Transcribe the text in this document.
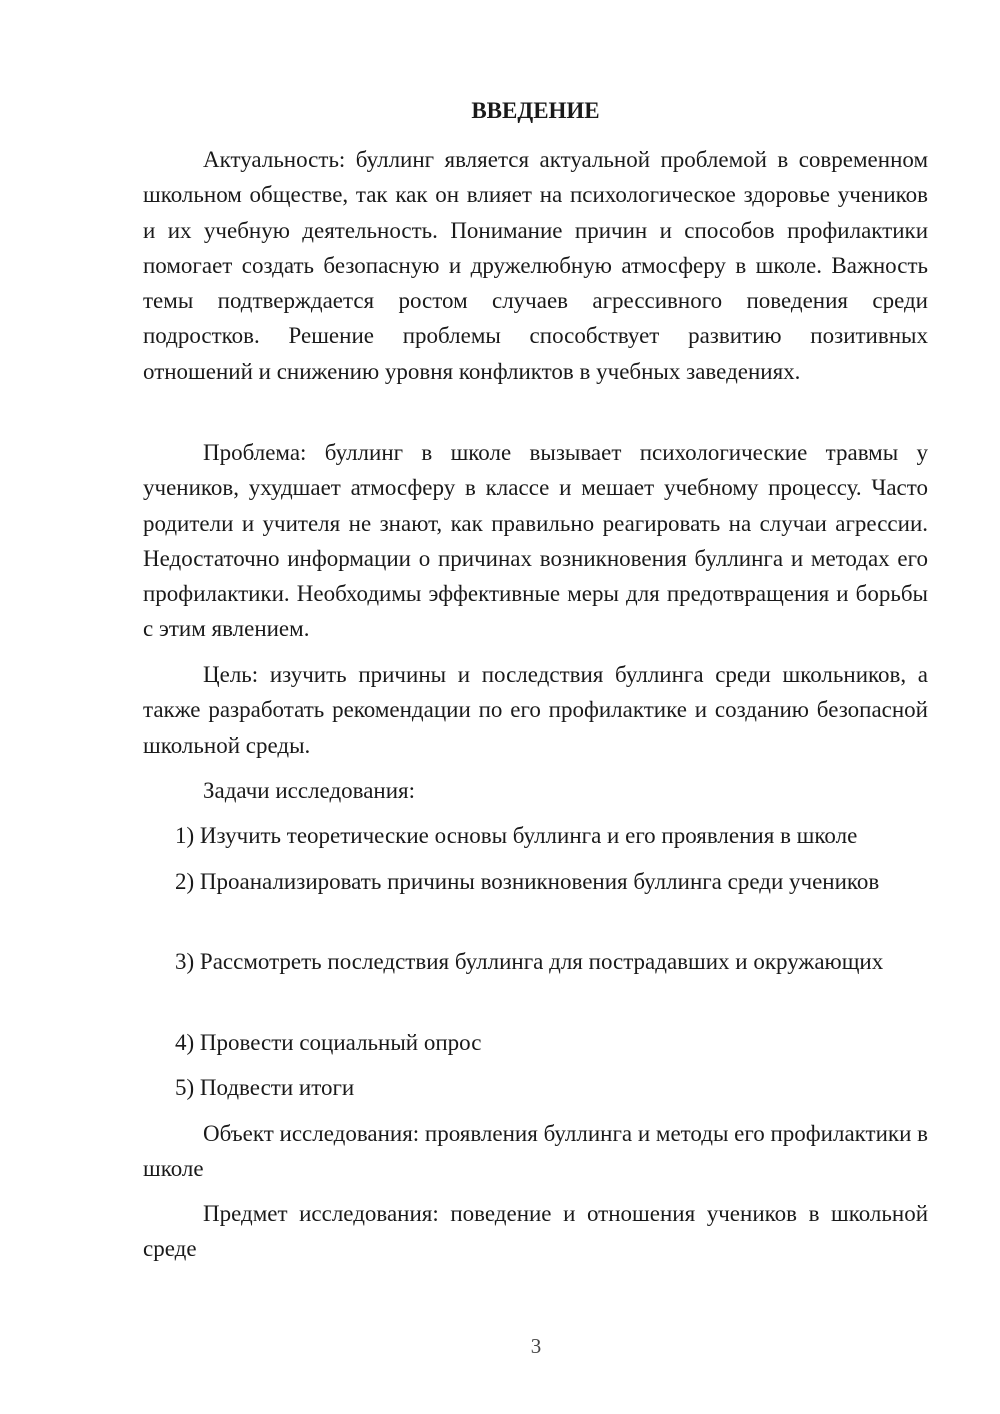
ВВЕДЕНИЕ

Актуальность: буллинг является актуальной проблемой в современном школьном обществе, так как он влияет на психологическое здоровье учеников и их учебную деятельность. Понимание причин и способов профилактики помогает создать безопасную и дружелюбную атмосферу в школе. Важность темы подтверждается ростом случаев агрессивного поведения среди подростков. Решение проблемы способствует развитию позитивных отношений и снижению уровня конфликтов в учебных заведениях.

Проблема: буллинг в школе вызывает психологические травмы у учеников, ухудшает атмосферу в классе и мешает учебному процессу. Часто родители и учителя не знают, как правильно реагировать на случаи агрессии. Недостаточно информации о причинах возникновения буллинга и методах его профилактики. Необходимы эффективные меры для предотвращения и борьбы с этим явлением.

Цель: изучить причины и последствия буллинга среди школьников, а также разработать рекомендации по его профилактике и созданию безопасной школьной среды.

Задачи исследования:

1) Изучить теоретические основы буллинга и его проявления в школе

2) Проанализировать причины возникновения буллинга среди учеников

3) Рассмотреть последствия буллинга для пострадавших и окружающих

4) Провести социальный опрос

5) Подвести итоги

Объект исследования: проявления буллинга и методы его профилактики в школе

Предмет исследования: поведение и отношения учеников в школьной среде

3
